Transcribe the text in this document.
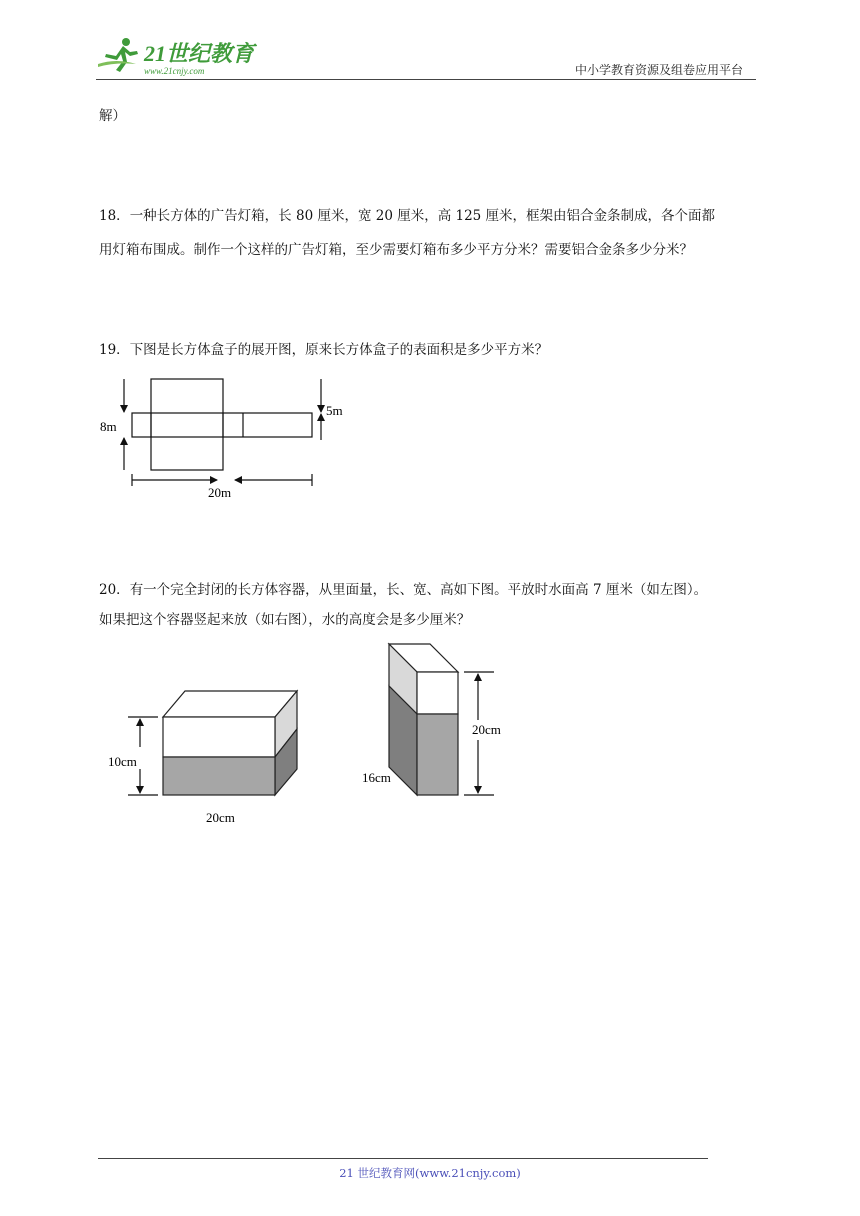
21世纪教育
www.21cnjy.com	中小学教育资源及组卷应用平台
解）
18．一种长方体的广告灯箱，长 80 厘米，宽 20 厘米，高 125 厘米，框架由铝合金条制成，各个面都
用灯箱布围成。制作一个这样的广告灯箱，至少需要灯箱布多少平方分米？需要铝合金条多少分米？
19．下图是长方体盒子的展开图，原来长方体盒子的表面积是多少平方米？
8m
5m
20m
20．有一个完全封闭的长方体容器，从里面量，长、宽、高如下图。平放时水面高 7 厘米（如左图）。
如果把这个容器竖起来放（如右图），水的高度会是多少厘米？
10cm
20cm
20cm
16cm
21 世纪教育网(www.21cnjy.com)
